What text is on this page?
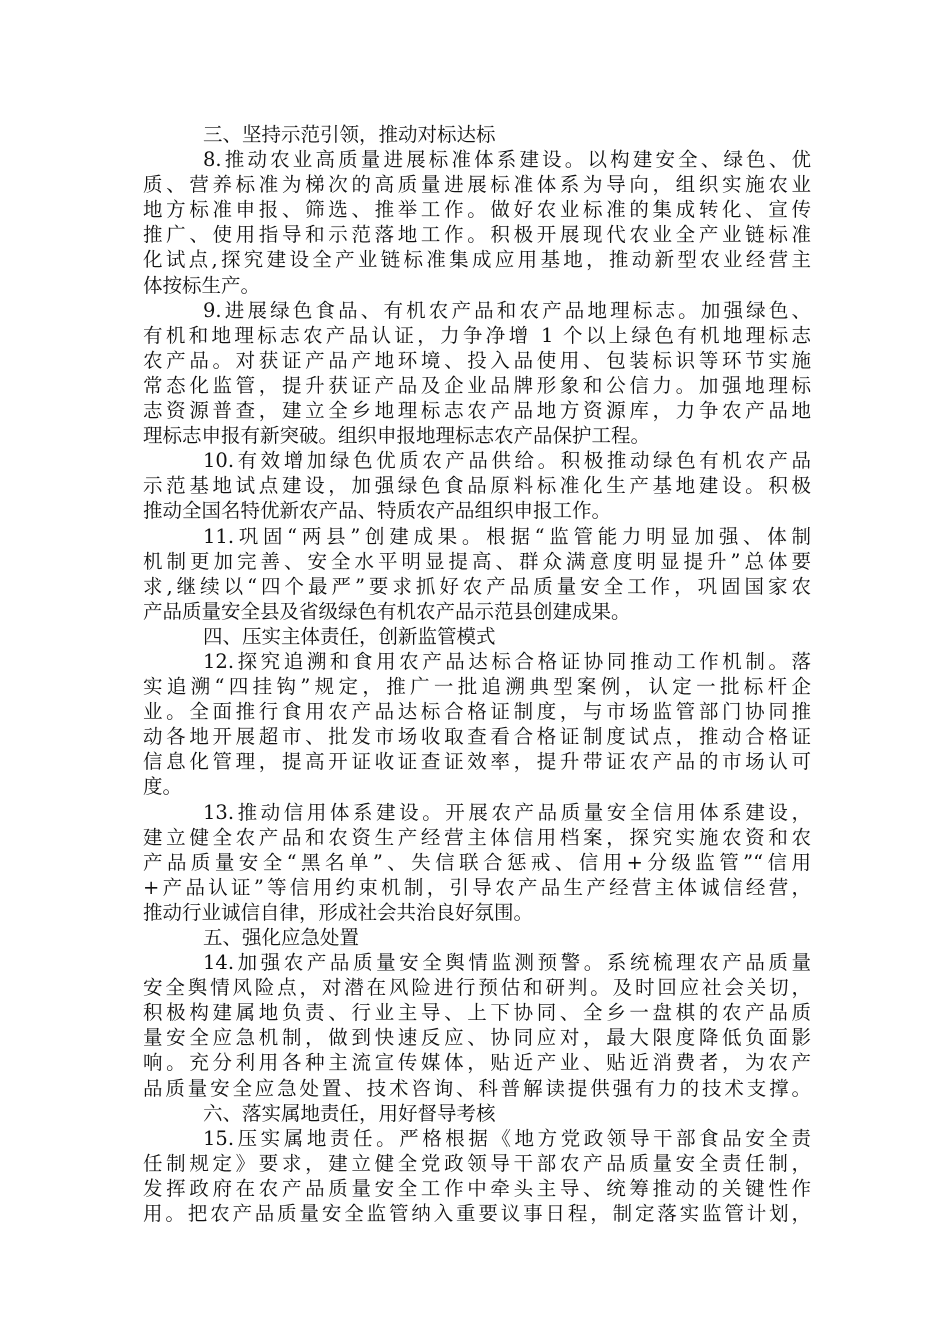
三、坚持示范引领，推动对标达标
8.推动农业高质量进展标准体系建设。以构建安全、绿色、优
质、营养标准为梯次的高质量进展标准体系为导向，组织实施农业
地方标准申报、筛选、推举工作。做好农业标准的集成转化、宣传
推广、使用指导和示范落地工作。积极开展现代农业全产业链标准
化试点,探究建设全产业链标准集成应用基地，推动新型农业经营主
体按标生产。
9.进展绿色食品、有机农产品和农产品地理标志。加强绿色、
有机和地理标志农产品认证，力争净增 1 个以上绿色有机地理标志
农产品。对获证产品产地环境、投入品使用、包装标识等环节实施
常态化监管，提升获证产品及企业品牌形象和公信力。加强地理标
志资源普查，建立全乡地理标志农产品地方资源库，力争农产品地
理标志申报有新突破。组织申报地理标志农产品保护工程。
10.有效增加绿色优质农产品供给。积极推动绿色有机农产品
示范基地试点建设，加强绿色食品原料标准化生产基地建设。积极
推动全国名特优新农产品、特质农产品组织申报工作。
11.巩固“两县”创建成果。根据“监管能力明显加强、体制
机制更加完善、安全水平明显提高、群众满意度明显提升”总体要
求,继续以“四个最严”要求抓好农产品质量安全工作，巩固国家农
产品质量安全县及省级绿色有机农产品示范县创建成果。
四、压实主体责任，创新监管模式
12.探究追溯和食用农产品达标合格证协同推动工作机制。落
实追溯“四挂钩”规定，推广一批追溯典型案例，认定一批标杆企
业。全面推行食用农产品达标合格证制度，与市场监管部门协同推
动各地开展超市、批发市场收取查看合格证制度试点，推动合格证
信息化管理，提高开证收证查证效率，提升带证农产品的市场认可
度。
13.推动信用体系建设。开展农产品质量安全信用体系建设，
建立健全农产品和农资生产经营主体信用档案，探究实施农资和农
产品质量安全“黑名单”、失信联合惩戒、信用+分级监管”“信用
+产品认证”等信用约束机制，引导农产品生产经营主体诚信经营，
推动行业诚信自律，形成社会共治良好氛围。
五、强化应急处置
14.加强农产品质量安全舆情监测预警。系统梳理农产品质量
安全舆情风险点，对潜在风险进行预估和研判。及时回应社会关切，
积极构建属地负责、行业主导、上下协同、全乡一盘棋的农产品质
量安全应急机制，做到快速反应、协同应对，最大限度降低负面影
响。充分利用各种主流宣传媒体，贴近产业、贴近消费者，为农产
品质量安全应急处置、技术咨询、科普解读提供强有力的技术支撑。
六、落实属地责任，用好督导考核
15.压实属地责任。严格根据《地方党政领导干部食品安全责
任制规定》要求，建立健全党政领导干部农产品质量安全责任制，
发挥政府在农产品质量安全工作中牵头主导、统筹推动的关键性作
用。把农产品质量安全监管纳入重要议事日程，制定落实监管计划，
